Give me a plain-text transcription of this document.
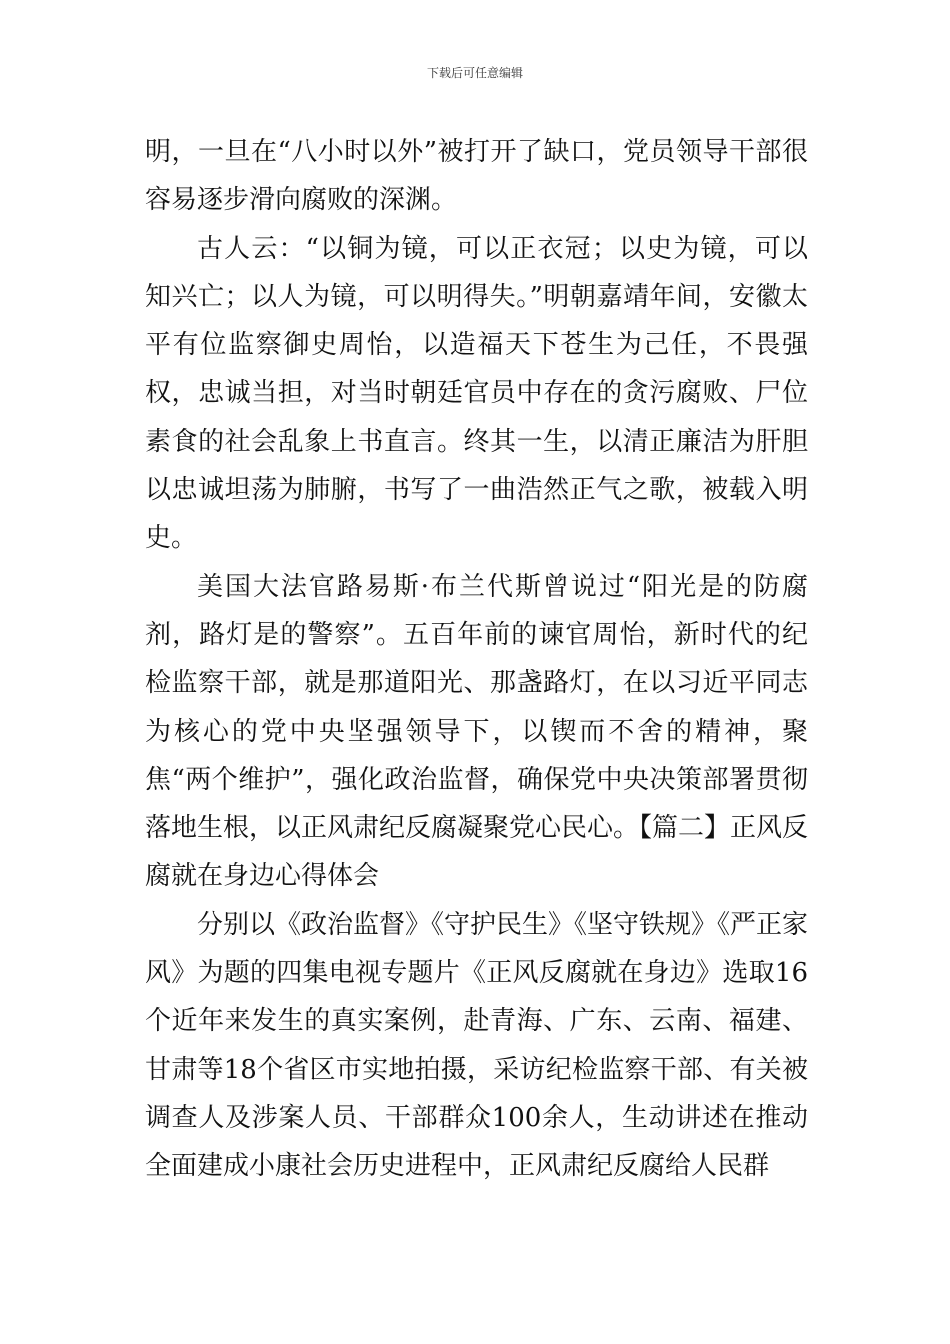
下载后可任意编辑

明，一旦在“八小时以外”被打开了缺口，党员领导干部很容易逐步滑向腐败的深渊。

古人云：“以铜为镜，可以正衣冠；以史为镜，可以知兴亡；以人为镜，可以明得失。”明朝嘉靖年间，安徽太平有位监察御史周怡，以造福天下苍生为己任，不畏强权，忠诚当担，对当时朝廷官员中存在的贪污腐败、尸位素食的社会乱象上书直言。终其一生，以清正廉洁为肝胆以忠诚坦荡为肺腑，书写了一曲浩然正气之歌，被载入明史。

美国大法官路易斯·布兰代斯曾说过“阳光是的防腐剂，路灯是的警察”。五百年前的谏官周怡，新时代的纪检监察干部，就是那道阳光、那盏路灯，在以习近平同志为核心的党中央坚强领导下，以锲而不舍的精神，聚焦“两个维护”，强化政治监督，确保党中央决策部署贯彻落地生根，以正风肃纪反腐凝聚党心民心。【篇二】正风反腐就在身边心得体会

分别以《政治监督》《守护民生》《坚守铁规》《严正家风》为题的四集电视专题片《正风反腐就在身边》选取16个近年来发生的真实案例，赴青海、广东、云南、福建、甘肃等18个省区市实地拍摄，采访纪检监察干部、有关被调查人及涉案人员、干部群众100余人，生动讲述在推动全面建成小康社会历史进程中，正风肃纪反腐给人民群
